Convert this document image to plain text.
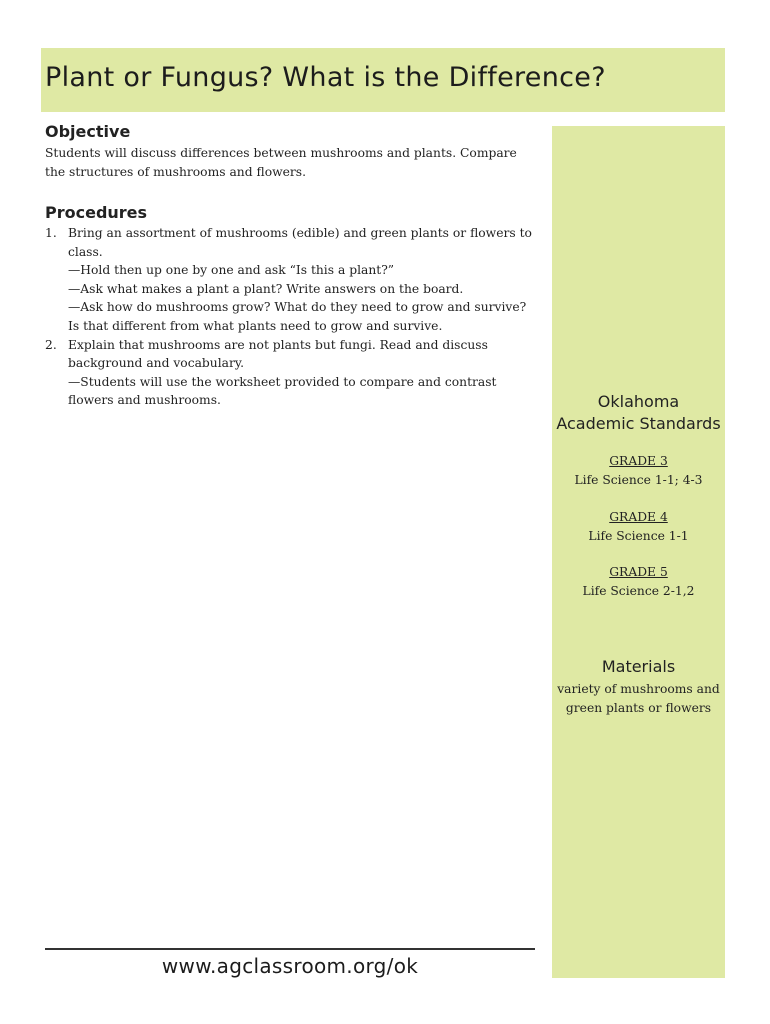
Plant or Fungus? What is the Difference?
Objective

Students will discuss differences between mushrooms and plants. Compare the structures of mushrooms and flowers.

Procedures
1. Bring an assortment of mushrooms (edible) and green plants or flowers to class.
—Hold then up one by one and ask “Is this a plant?”
—Ask what makes a plant a plant? Write answers on the board.
—Ask how do mushrooms grow? What do they need to grow and survive? Is that different from what plants need to grow and survive.
2. Explain that mushrooms are not plants but fungi. Read and discuss background and vocabulary.
—Students will use the worksheet provided to compare and contrast flowers and mushrooms.	Oklahoma
Academic Standards
GRADE 3
Life Science 1-1; 4-3
GRADE 4
Life Science 1-1
GRADE 5
Life Science 2-1,2
Materials
variety of mushrooms and
green plants or flowers
www.agclassroom.org/ok
